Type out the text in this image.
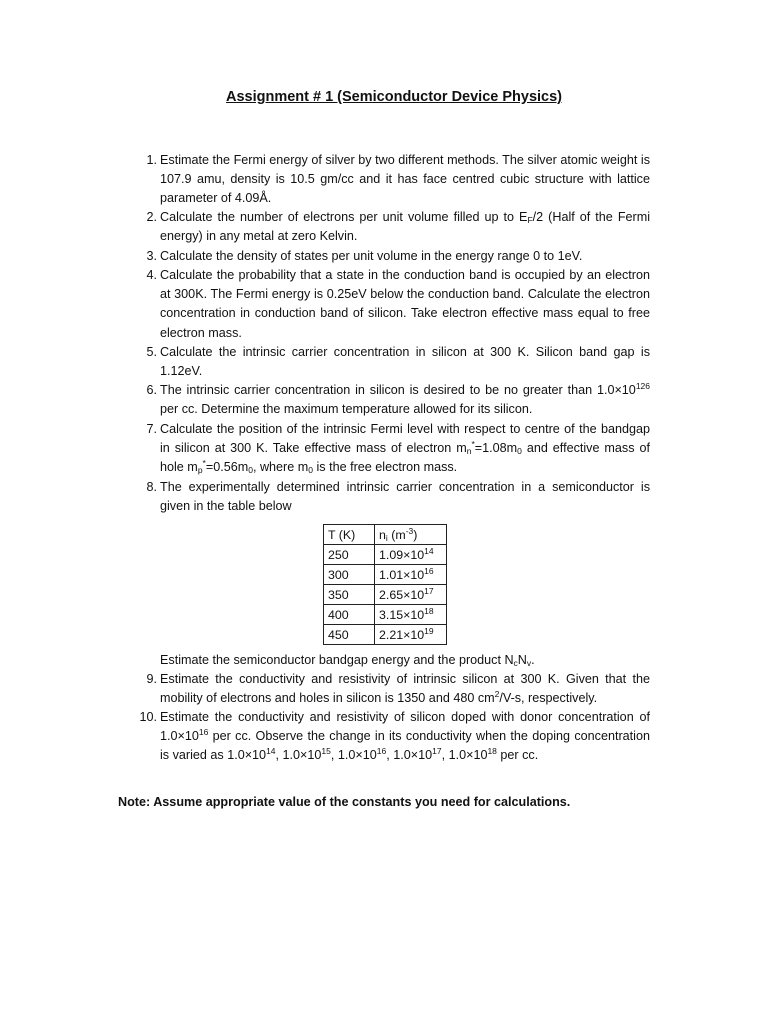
Assignment # 1 (Semiconductor Device Physics)
1. Estimate the Fermi energy of silver by two different methods. The silver atomic weight is 107.9 amu, density is 10.5 gm/cc and it has face centred cubic structure with lattice parameter of 4.09Å.
2. Calculate the number of electrons per unit volume filled up to $E_F/2$ (Half of the Fermi energy) in any metal at zero Kelvin.
3. Calculate the density of states per unit volume in the energy range 0 to 1eV.
4. Calculate the probability that a state in the conduction band is occupied by an electron at 300K. The Fermi energy is 0.25eV below the conduction band. Calculate the electron concentration in conduction band of silicon. Take electron effective mass equal to free electron mass.
5. Calculate the intrinsic carrier concentration in silicon at 300 K. Silicon band gap is 1.12eV.
6. The intrinsic carrier concentration in silicon is desired to be no greater than $1.0\times 10^{126}$ per cc. Determine the maximum temperature allowed for its silicon.
7. Calculate the position of the intrinsic Fermi level with respect to centre of the bandgap in silicon at 300 K. Take effective mass of electron $m_n^*=1.08m_0$ and effective mass of hole $m_p^*=0.56m_0$, where $m_0$ is the free electron mass.
8. The experimentally determined intrinsic carrier concentration in a semiconductor is given in the table below
T (K)	$n_i$ $(m^{-3})$
250	$1.09\times 10^{14}$
300	$1.01\times 10^{16}$
350	$2.65\times 10^{17}$
400	$3.15\times 10^{18}$
450	$2.21\times 10^{19}$
Estimate the semiconductor bandgap energy and the product $N_cN_v$.
9. Estimate the conductivity and resistivity of intrinsic silicon at 300 K. Given that the mobility of electrons and holes in silicon is 1350 and 480 $cm^2/V-s$, respectively.
10. Estimate the conductivity and resistivity of silicon doped with donor concentration of $1.0\times 10^{16}$ per cc. Observe the change in its conductivity when the doping concentration is varied as $1.0\times 10^{14}$, $1.0\times 10^{15}$, $1.0\times 10^{16}$, $1.0\times 10^{17}$, $1.0\times 10^{18}$ per cc.
Note: Assume appropriate value of the constants you need for calculations.
